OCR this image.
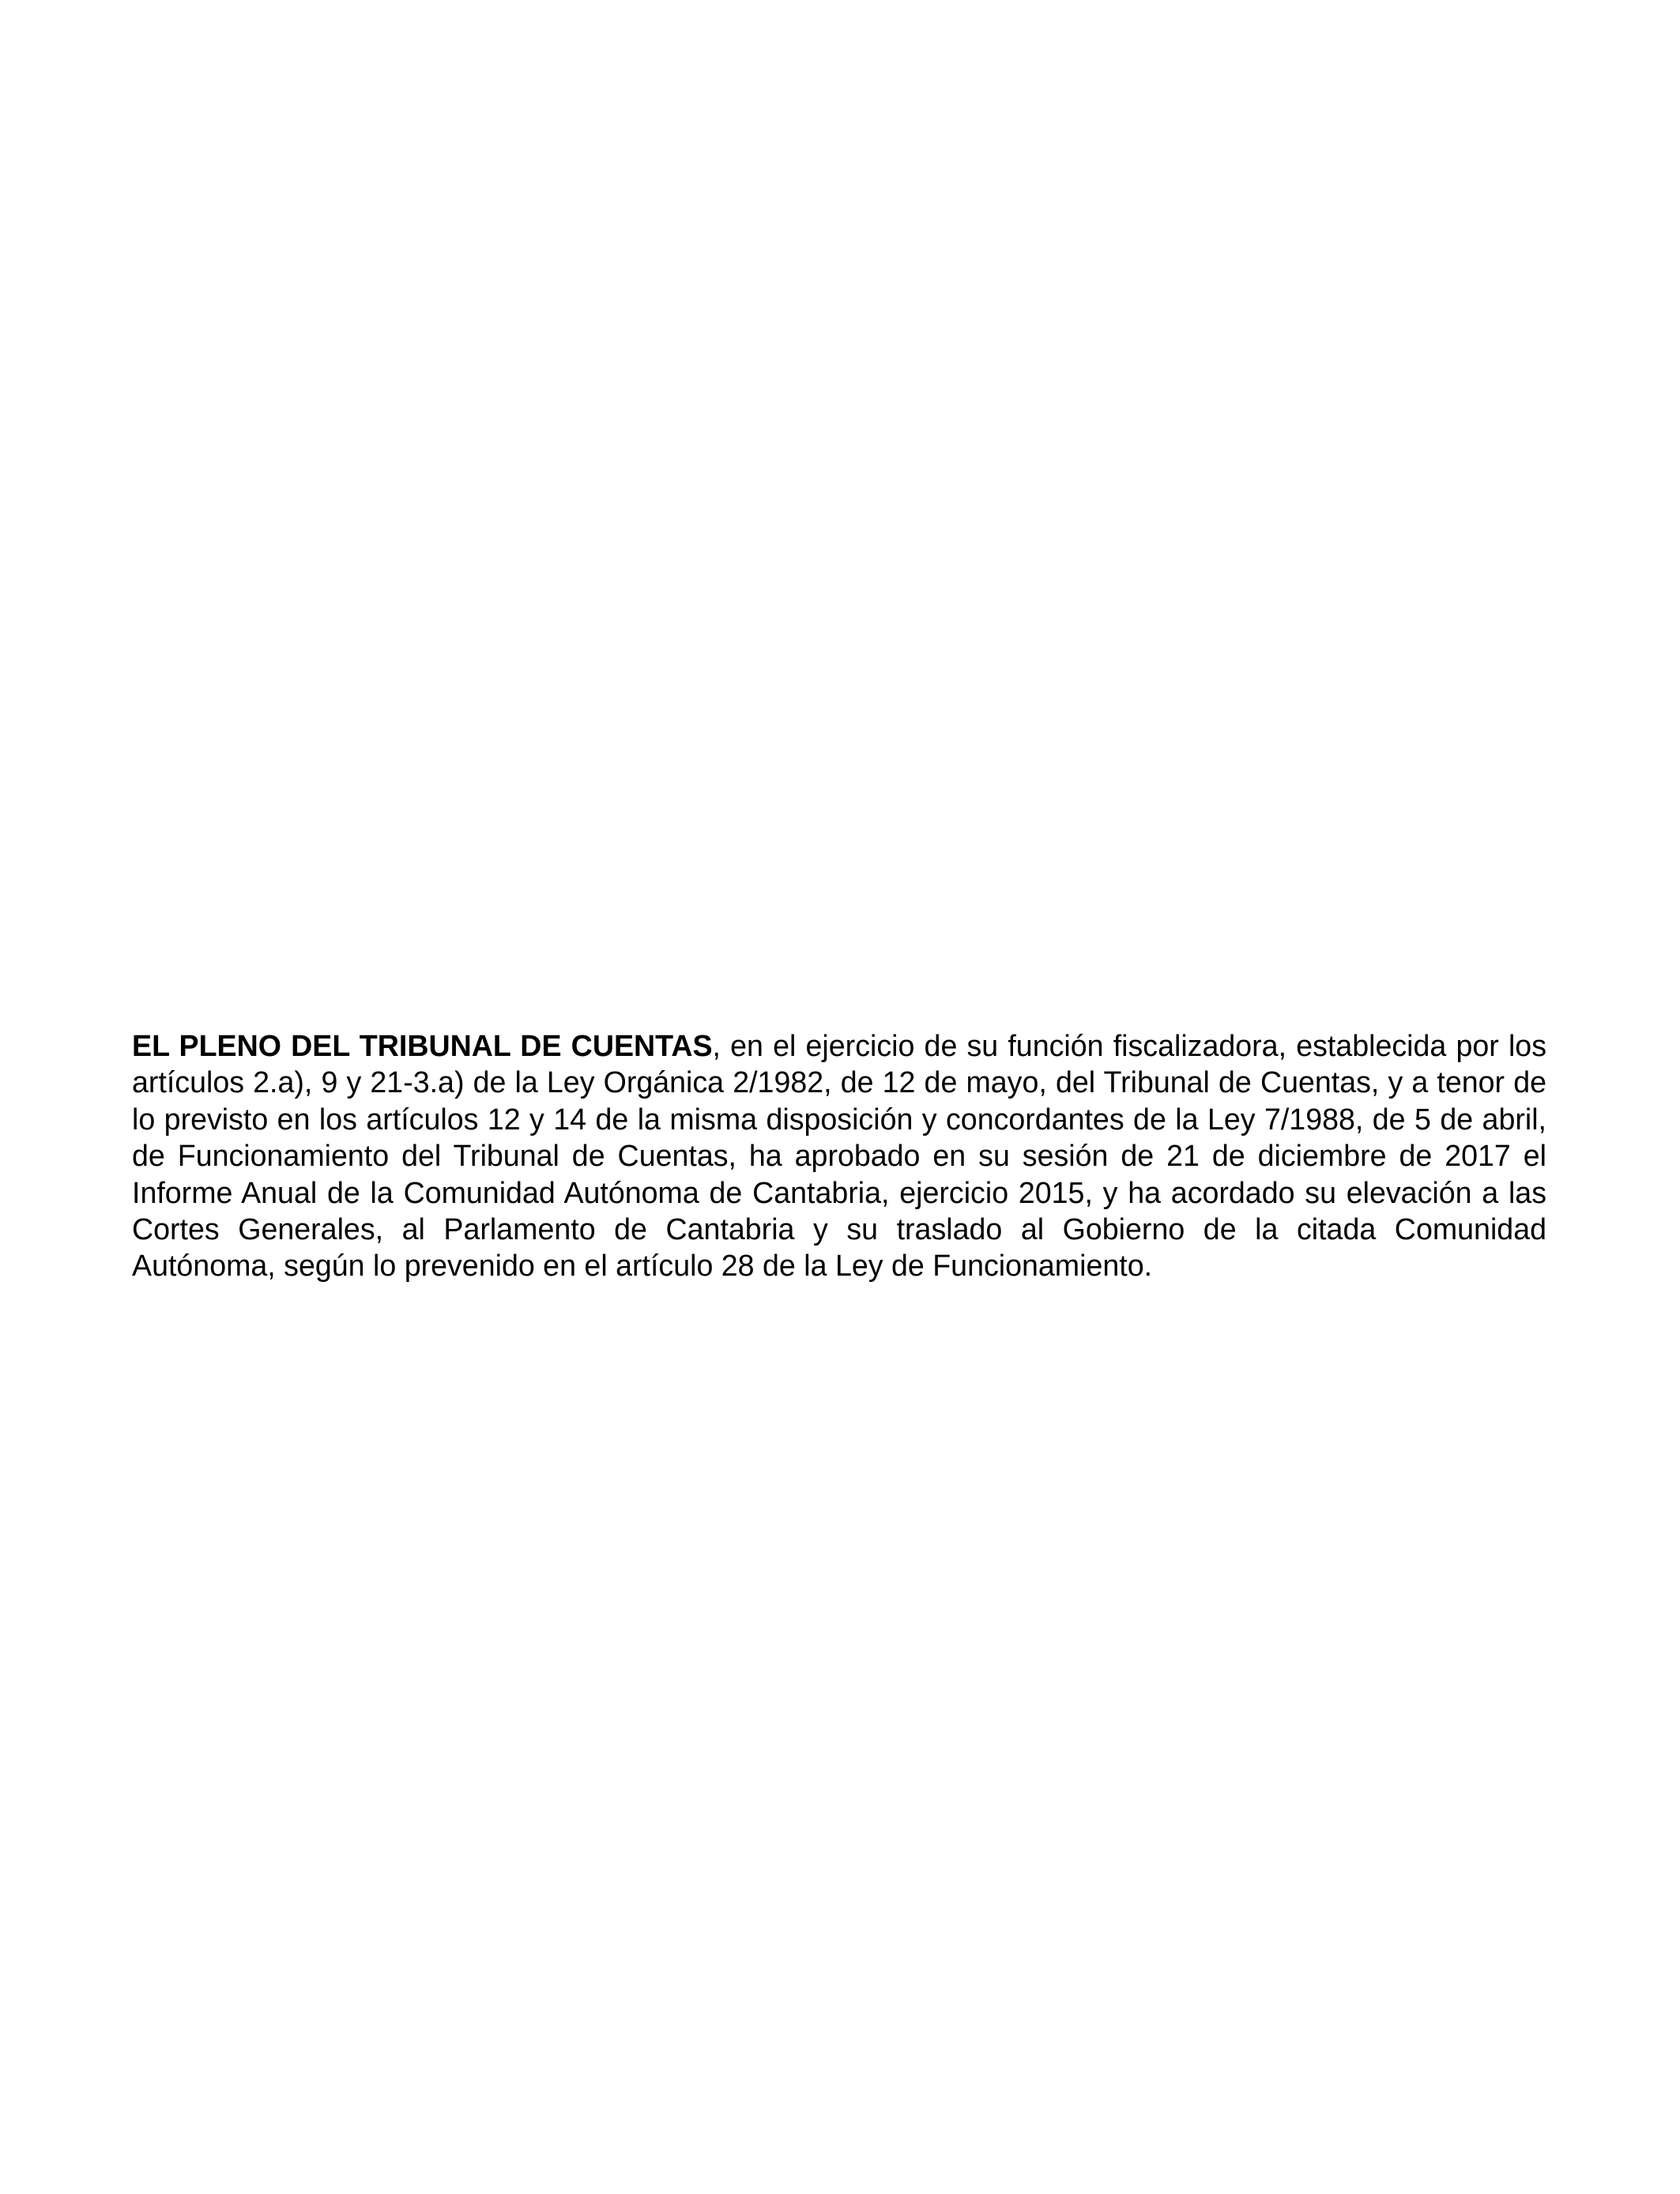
EL PLENO DEL TRIBUNAL DE CUENTAS, en el ejercicio de su función fiscalizadora, establecida por los artículos 2.a), 9 y 21-3.a) de la Ley Orgánica 2/1982, de 12 de mayo, del Tribunal de Cuentas, y a tenor de lo previsto en los artículos 12 y 14 de la misma disposición y concordantes de la Ley 7/1988, de 5 de abril, de Funcionamiento del Tribunal de Cuentas, ha aprobado en su sesión de 21 de diciembre de 2017 el Informe Anual de la Comunidad Autónoma de Cantabria, ejercicio 2015, y ha acordado su elevación a las Cortes Generales, al Parlamento de Cantabria y su traslado al Gobierno de la citada Comunidad Autónoma, según lo prevenido en el artículo 28 de la Ley de Funcionamiento.
